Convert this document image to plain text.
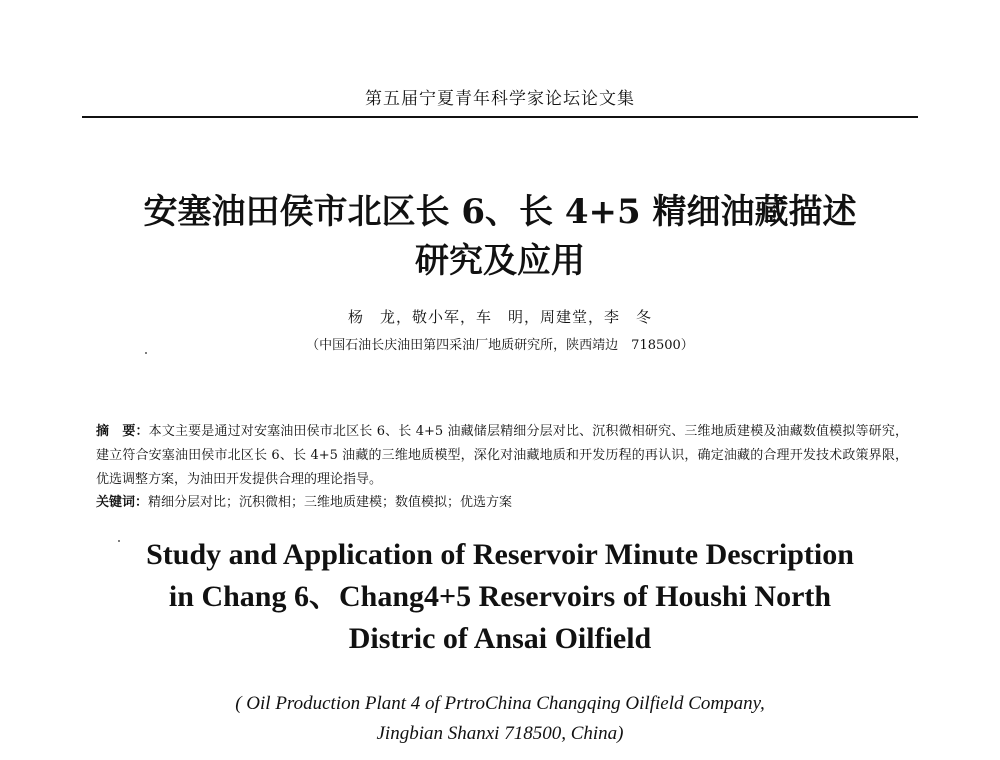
第五届宁夏青年科学家论坛论文集
安塞油田侯市北区长 6、长 4+5 精细油藏描述
研究及应用
杨　龙，敬小军，车　明，周建堂，李　冬
（中国石油长庆油田第四采油厂地质研究所，陕西靖边　718500）
摘　要：本文主要是通过对安塞油田侯市北区长 6、长 4+5 油藏储层精细分层对比、沉积微相研究、三维地质建模及油藏数值模拟等研究，建立符合安塞油田侯市北区长 6、长 4+5 油藏的三维地质模型，深化对油藏地质和开发历程的再认识，确定油藏的合理开发技术政策界限，优选调整方案，为油田开发提供合理的理论指导。
关键词：精细分层对比；沉积微相；三维地质建模；数值模拟；优选方案
Study and Application of Reservoir Minute Description
in Chang 6、Chang4+5 Reservoirs of Houshi North
Distric of Ansai Oilfield
( Oil Production Plant 4 of PrtroChina Changqing Oilfield Company,
Jingbian Shanxi 718500, China)
